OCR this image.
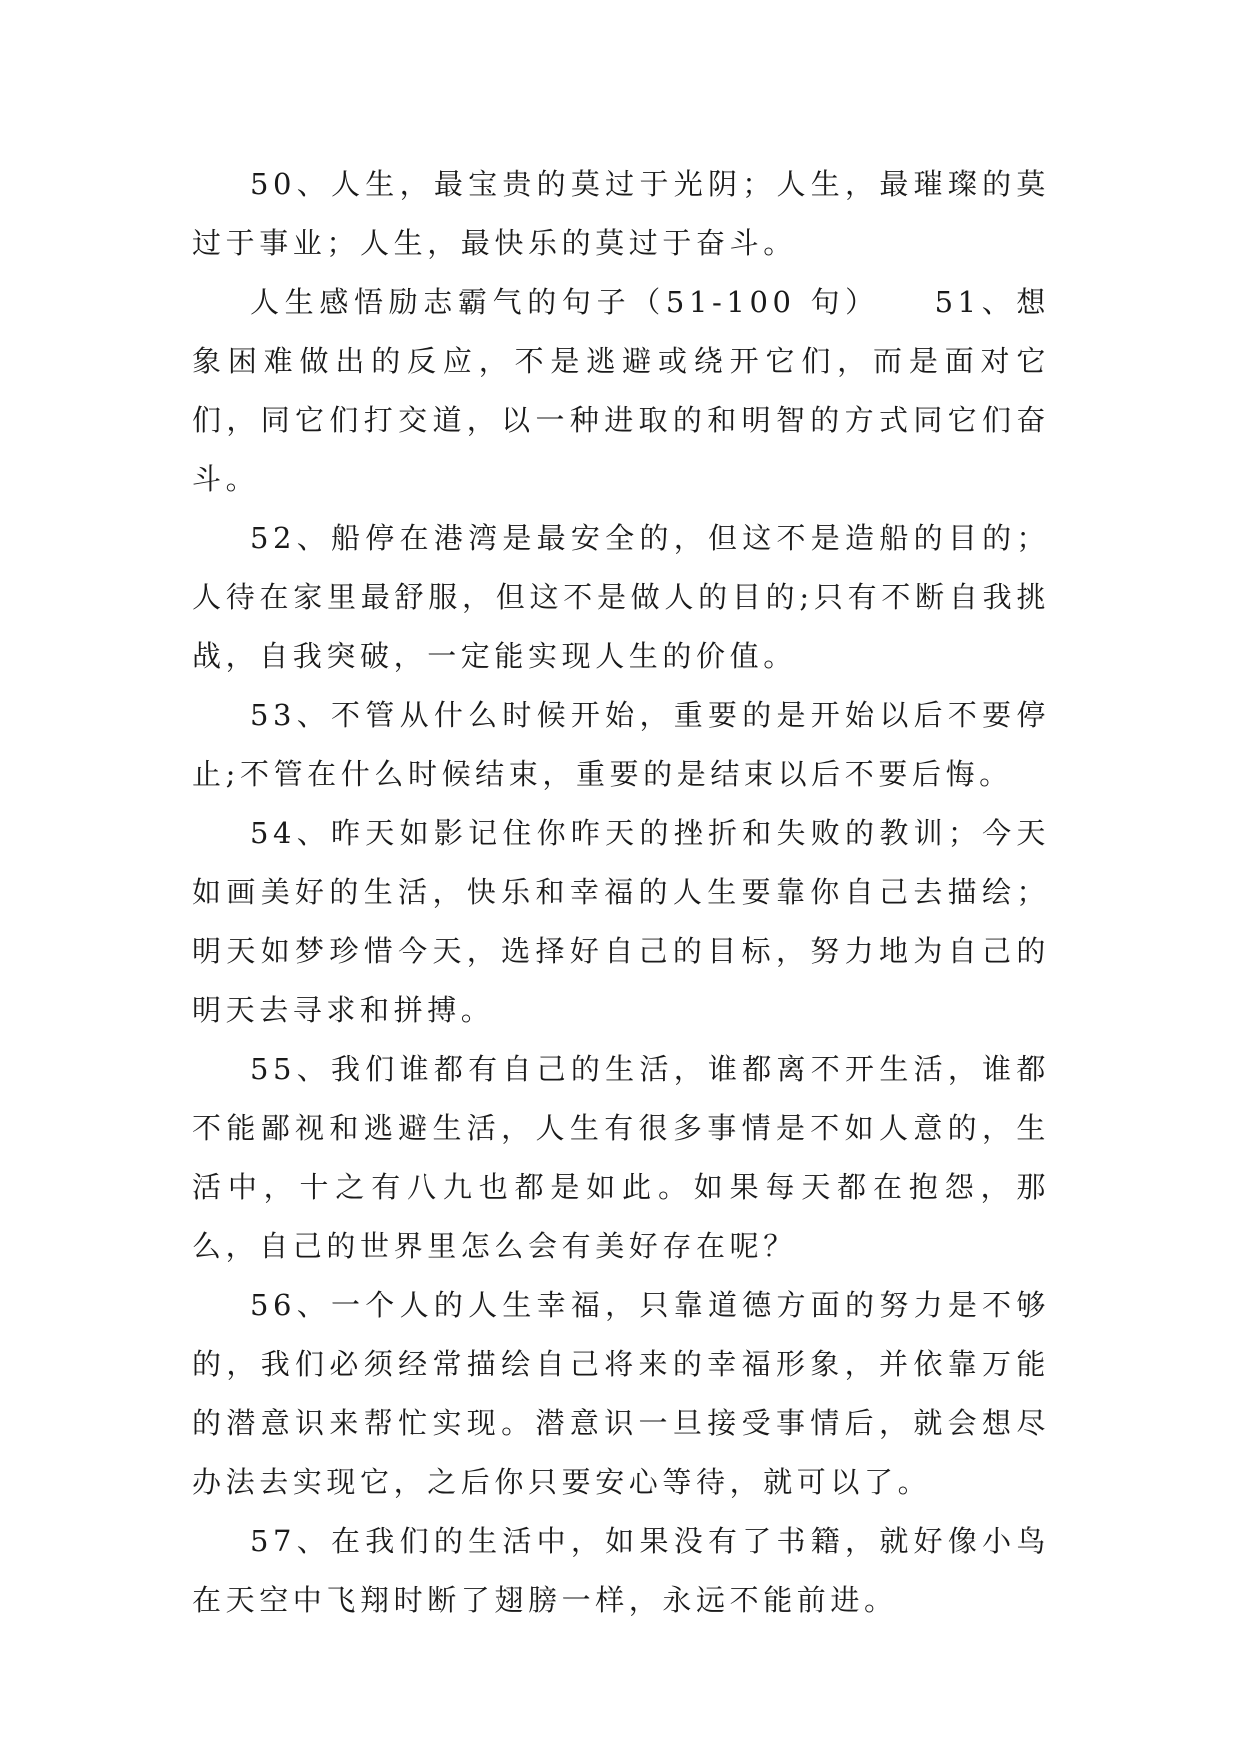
50、人生，最宝贵的莫过于光阴；人生，最璀璨的莫过于事业；人生，最快乐的莫过于奋斗。

人生感悟励志霸气的句子（51-100 句）　　51、想象困难做出的反应，不是逃避或绕开它们，而是面对它们，同它们打交道，以一种进取的和明智的方式同它们奋斗。

52、船停在港湾是最安全的，但这不是造船的目的；人待在家里最舒服，但这不是做人的目的;只有不断自我挑战，自我突破，一定能实现人生的价值。

53、不管从什么时候开始，重要的是开始以后不要停止;不管在什么时候结束，重要的是结束以后不要后悔。

54、昨天如影记住你昨天的挫折和失败的教训；今天如画美好的生活，快乐和幸福的人生要靠你自己去描绘；明天如梦珍惜今天，选择好自己的目标，努力地为自己的明天去寻求和拼搏。

55、我们谁都有自己的生活，谁都离不开生活，谁都不能鄙视和逃避生活，人生有很多事情是不如人意的，生活中，十之有八九也都是如此。如果每天都在抱怨，那么，自己的世界里怎么会有美好存在呢？

56、一个人的人生幸福，只靠道德方面的努力是不够的，我们必须经常描绘自己将来的幸福形象，并依靠万能的潜意识来帮忙实现。潜意识一旦接受事情后，就会想尽办法去实现它，之后你只要安心等待，就可以了。

57、在我们的生活中，如果没有了书籍，就好像小鸟在天空中飞翔时断了翅膀一样，永远不能前进。
